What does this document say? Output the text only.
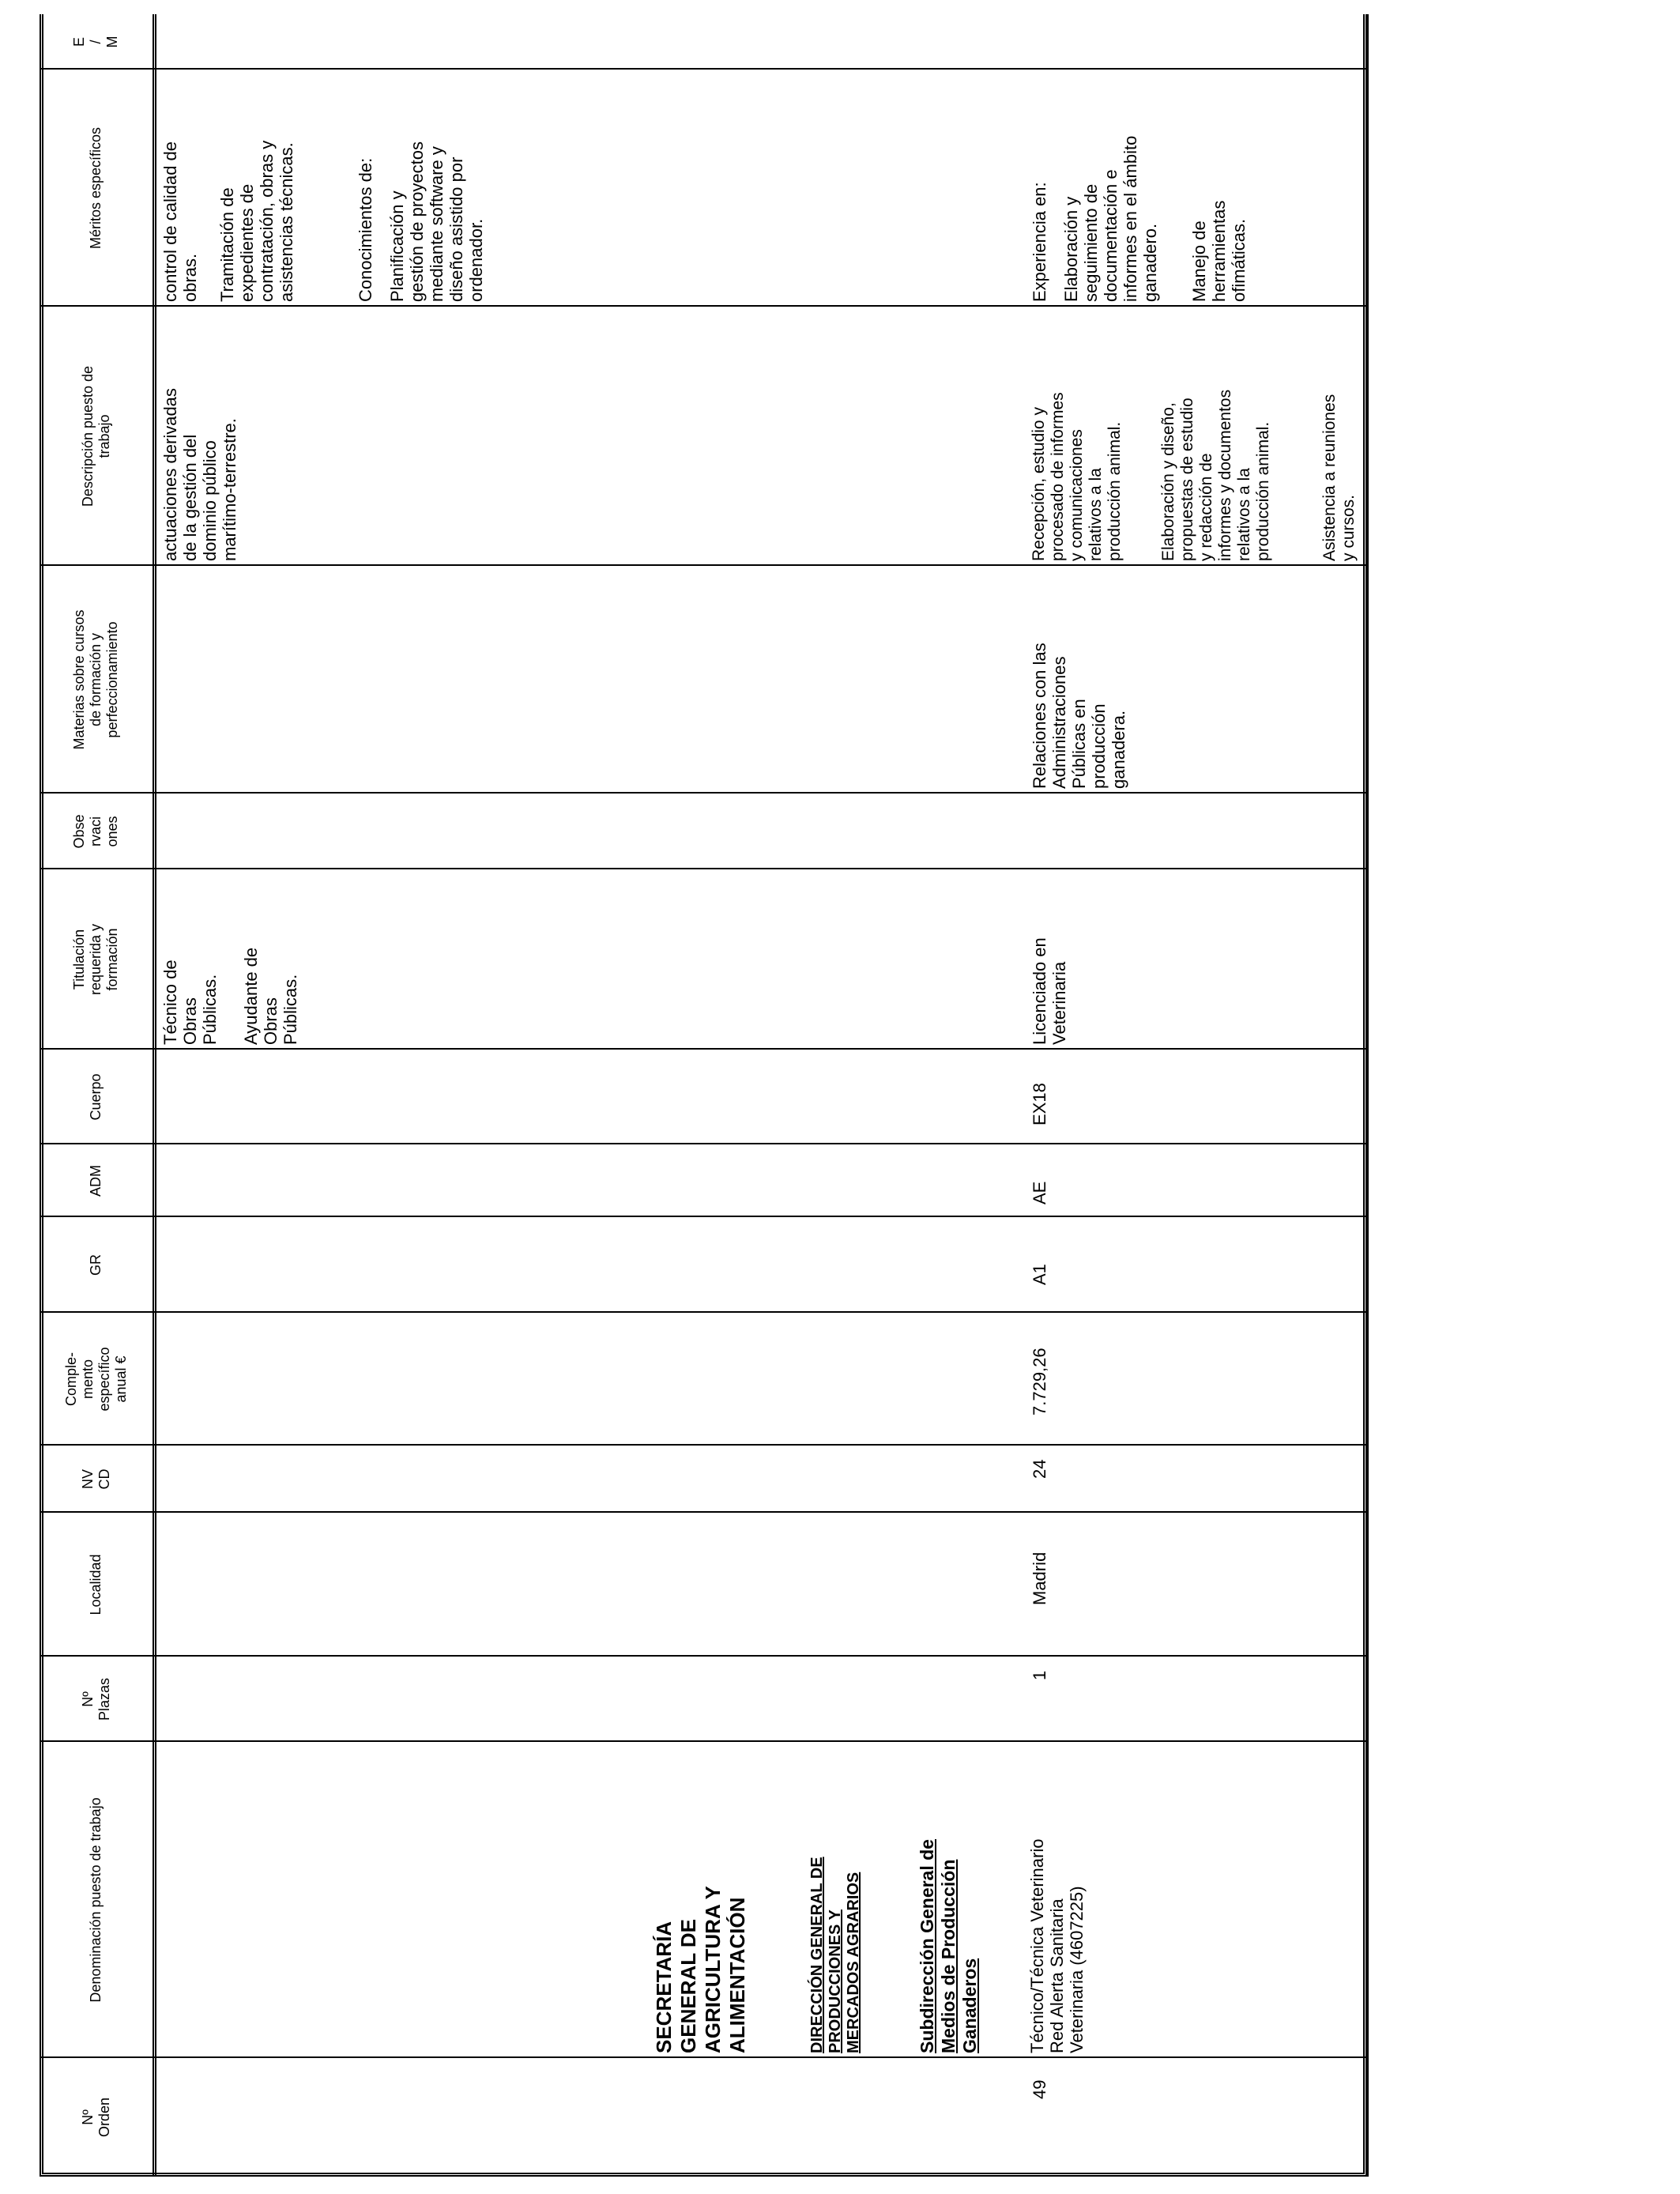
Nº
Orden
Denominación puesto de trabajo
Nº
Plazas
Localidad
NV
CD
Comple-
mento
específico
anual €
GR
ADM
Cuerpo
Titulación
requerida y
formación
Obse
rvaci
ones
Materias sobre cursos
de formación y
perfeccionamiento
Descripción puesto de
trabajo
Méritos específicos
E
/
M
actuaciones derivadas
de la gestión del
dominio público
marítimo-terrestre.
Técnico de
Obras
Públicas. Ayudante de
Obras
Públicas.
control de calidad de
obras. Tramitación de
expedientes de
contratación, obras y
asistencias técnicas.	Conocimientos de: Planificación y
gestión de proyectos
mediante software y
diseño asistido por
ordenador.
SECRETARÍA
GENERAL DE
AGRICULTURA Y
ALIMENTACIÓN	DIRECCIÓN GENERAL DE
PRODUCCIONES Y
MERCADOS AGRARIOS
Subdirección General de
Medios de Producción
Ganaderos
49
Técnico/Técnica Veterinario
Red Alerta Sanitaria
Veterinaria (4607225)
1
Madrid
24
7.729,26
A1
AE
EX18
Licenciado en
Veterinaria
Relaciones con las
Administraciones
Públicas en
producción
ganadera.
Recepción, estudio y
procesado de informes
y comunicaciones
relativos a la
producción animal.
Elaboración y diseño,
propuestas de estudio
y redacción de
informes y documentos
relativos a la
producción animal.
Asistencia a reuniones
y cursos.
Experiencia en: Elaboración y
seguimiento de
documentación e
informes en el ámbito
ganadero. Manejo de
herramientas
ofimáticas.
